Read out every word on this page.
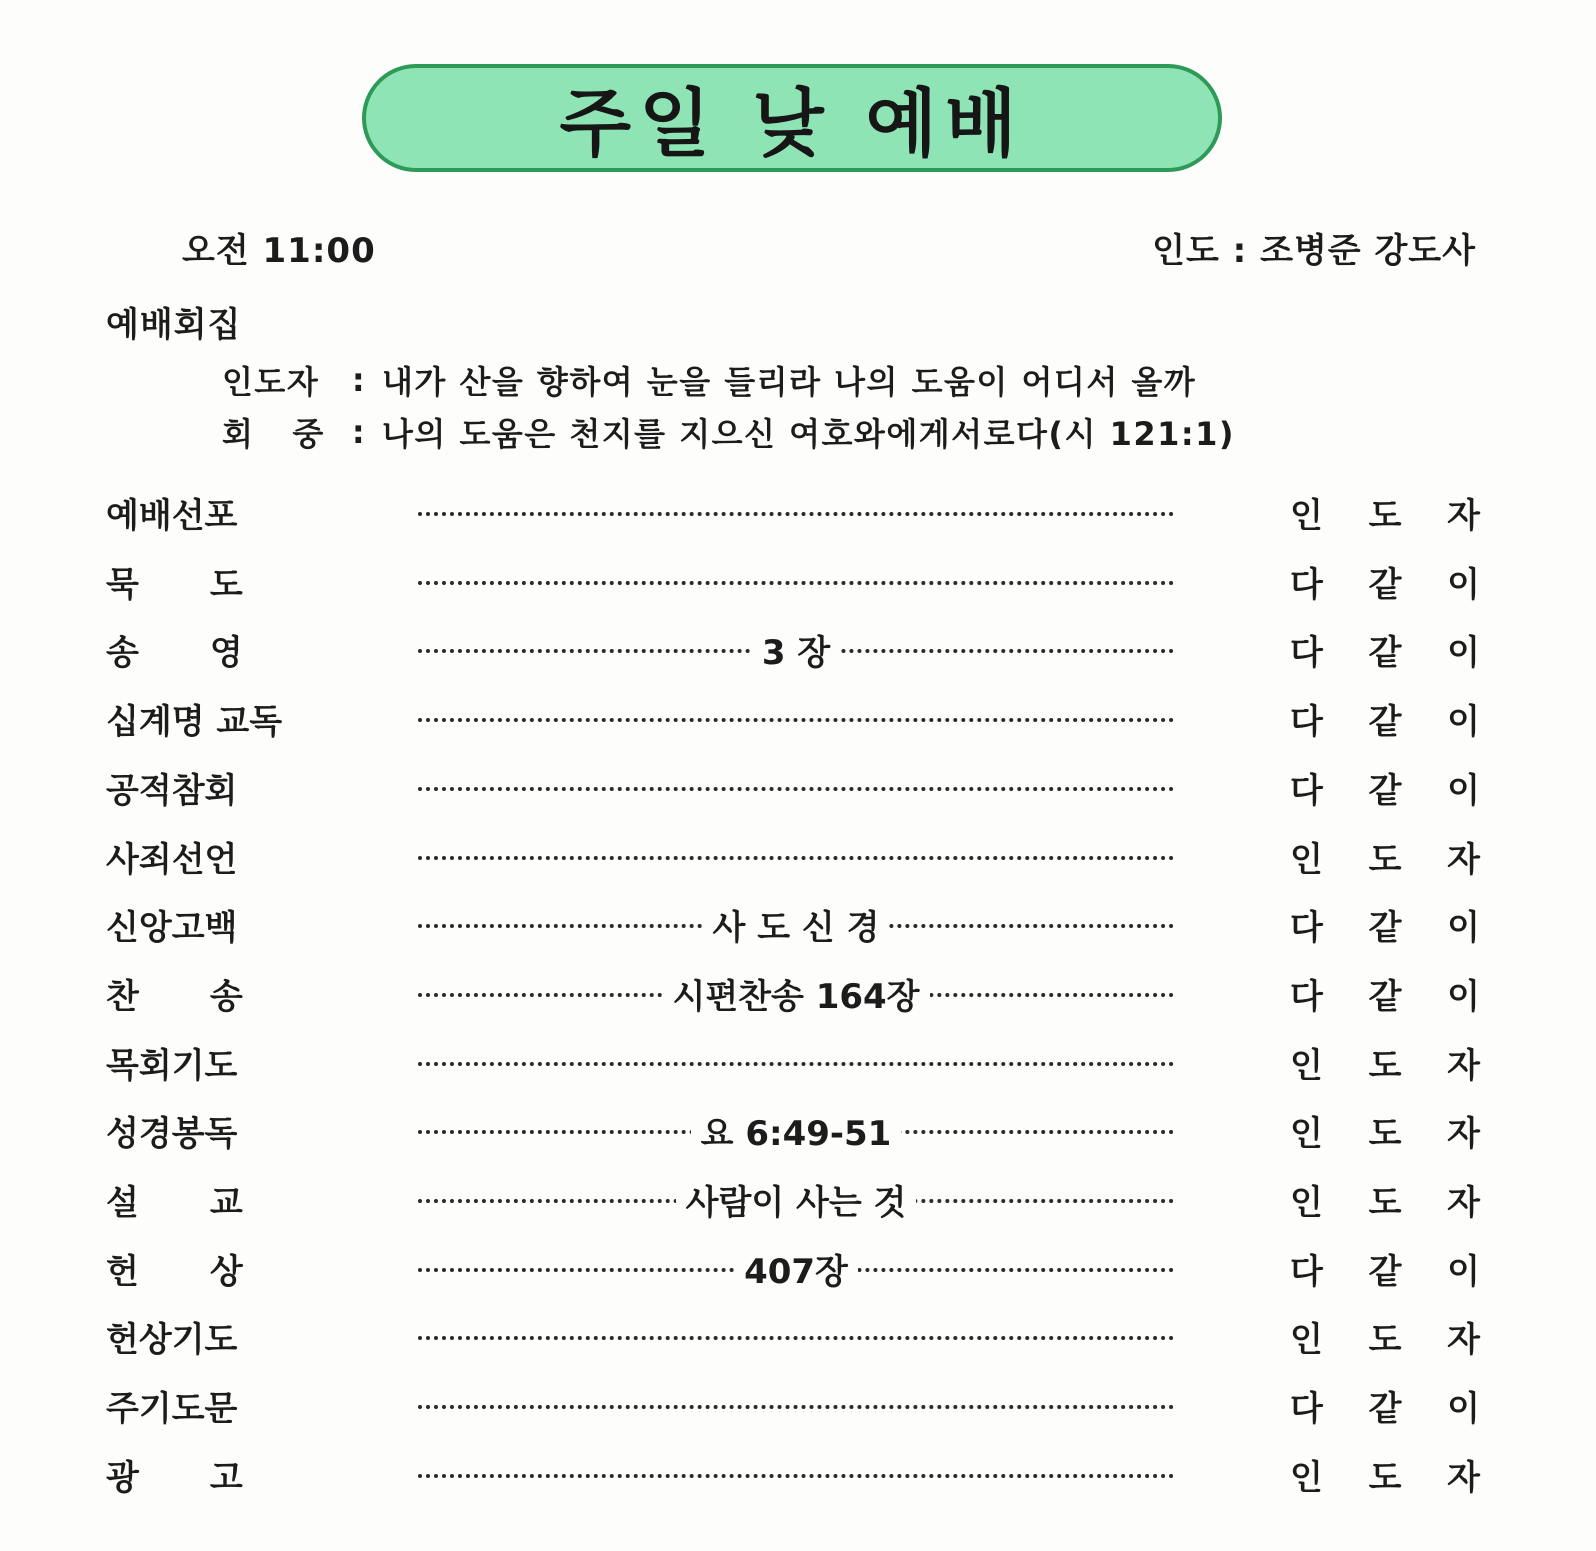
주일 낮 예배
오전 11:00	인도 : 조병준 강도사
예배회집
인도자	: 내가 산을 향하여 눈을 들리라 나의 도움이 어디서 올까
회   중 : 나의 도움은 천지를 지으신 여호와에게서로다(시 121:1)
예배선포	인 도 자
묵      도	다 같 이
송      영	3 장	다 같 이
십계명 교독	다 같 이
공적참회	다 같 이
사죄선언	인 도 자
신앙고백	사 도 신 경	다 같 이
찬      송	시편찬송 164장	다 같 이
목회기도	인 도 자
성경봉독	요 6:49-51	인 도 자
설      교	사람이 사는 것	인 도 자
헌      상	407장	다 같 이
헌상기도	인 도 자
주기도문	다 같 이
광      고	인 도 자
